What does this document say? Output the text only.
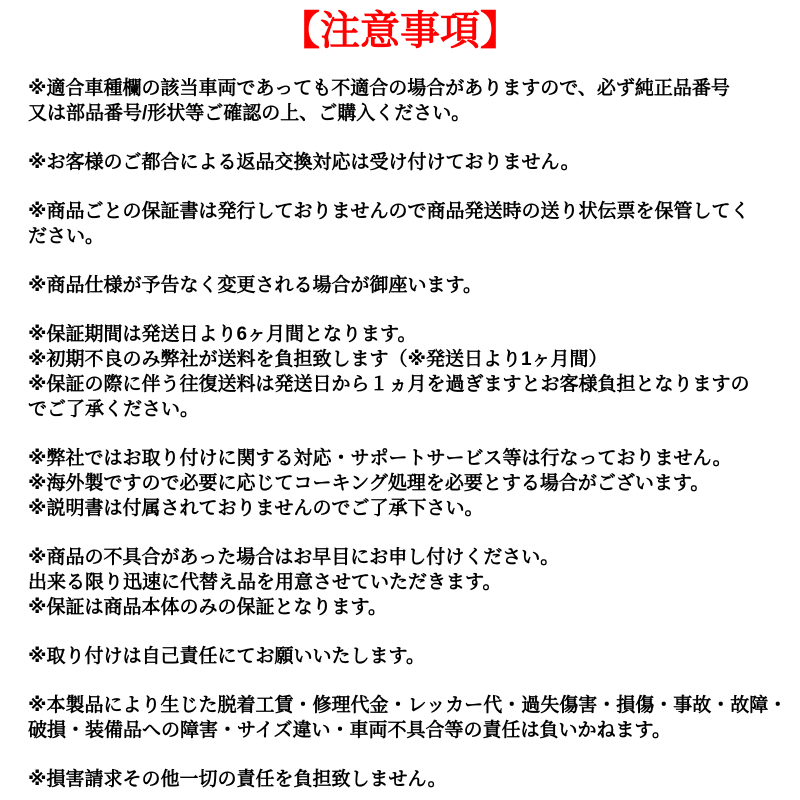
【注意事項】
※適合車種欄の該当車両であっても不適合の場合がありますので、必ず純正品番号
又は部品番号/形状等ご確認の上、ご購入ください。
※お客様のご都合による返品交換対応は受け付けておりません。
※商品ごとの保証書は発行しておりませんので商品発送時の送り状伝票を保管してく
ださい。
※商品仕様が予告なく変更される場合が御座います。
※保証期間は発送日より6ヶ月間となります。
※初期不良のみ弊社が送料を負担致します（※発送日より1ヶ月間）
※保証の際に伴う往復送料は発送日から１ヵ月を過ぎますとお客様負担となりますの
でご了承ください。
※弊社ではお取り付けに関する対応・サポートサービス等は行なっておりません。
※海外製ですので必要に応じてコーキング処理を必要とする場合がございます。
※説明書は付属されておりませんのでご了承下さい。
※商品の不具合があった場合はお早目にお申し付けください。
出来る限り迅速に代替え品を用意させていただきます。
※保証は商品本体のみの保証となります。
※取り付けは自己責任にてお願いいたします。
※本製品により生じた脱着工賃・修理代金・レッカー代・過失傷害・損傷・事故・故障・
破損・装備品への障害・サイズ違い・車両不具合等の責任は負いかねます。
※損害請求その他一切の責任を負担致しません。
